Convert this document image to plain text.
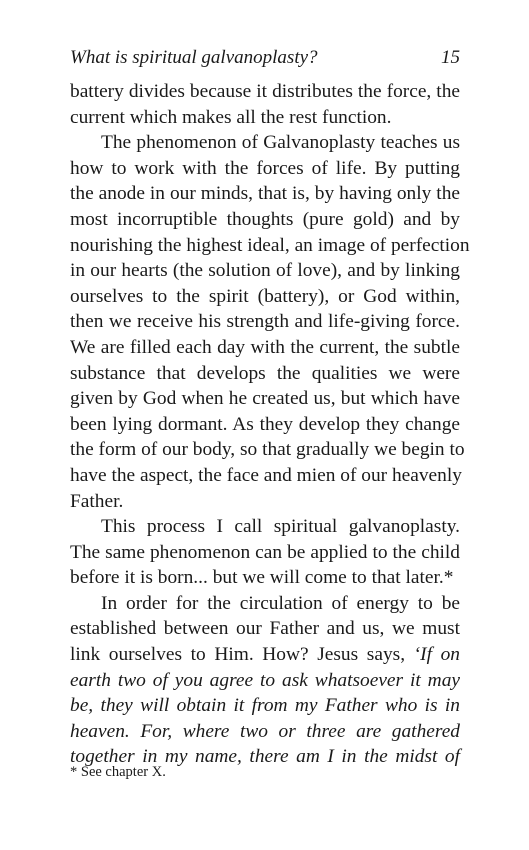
What is spiritual galvanoplasty?	15
battery divides because it distributes the force, the
current which makes all the rest function.
The phenomenon of Galvanoplasty teaches us
how to work with the forces of life. By putting
the anode in our minds, that is, by having only the
most incorruptible thoughts (pure gold) and by
nourishing the highest ideal, an image of perfection
in our hearts (the solution of love), and by linking
ourselves to the spirit (battery), or God within,
then we receive his strength and life-giving force.
We are filled each day with the current, the subtle
substance that develops the qualities we were
given by God when he created us, but which have
been lying dormant. As they develop they change
the form of our body, so that gradually we begin to
have the aspect, the face and mien of our heavenly
Father.
This process I call spiritual galvanoplasty.
The same phenomenon can be applied to the child
before it is born... but we will come to that later.*
In order for the circulation of energy to be
established between our Father and us, we must
link ourselves to Him. How? Jesus says, ‘If on
earth two of you agree to ask whatsoever it may
be, they will obtain it from my Father who is in
heaven. For, where two or three are gathered
together in my name, there am I in the midst of
* See chapter X.
